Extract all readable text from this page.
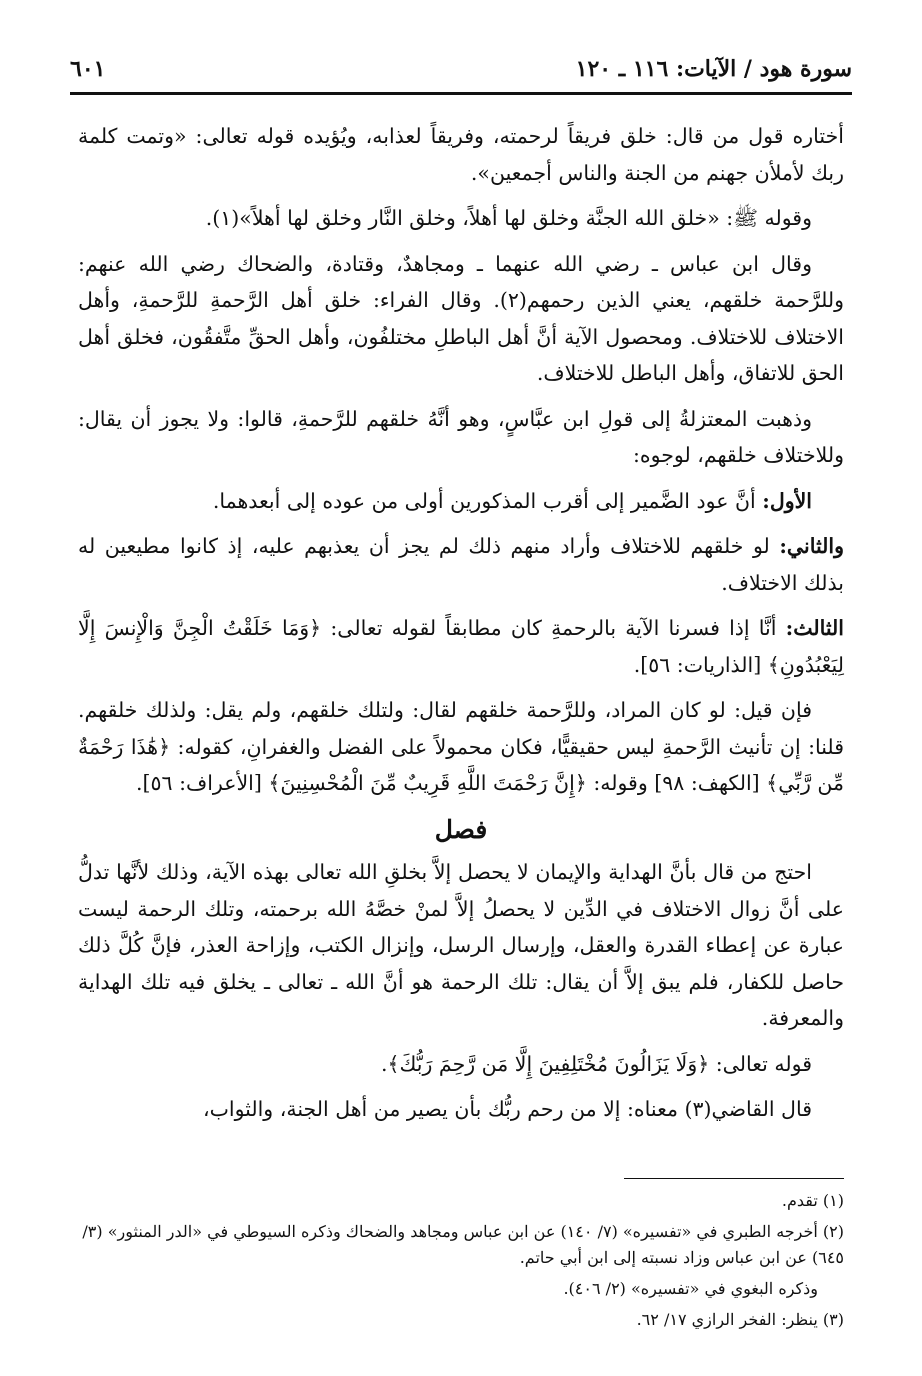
سورة هود / الآيات: ١١٦ ـ ١٢٠
٦٠١

أختاره قول من قال: خلق فريقاً لرحمته، وفريقاً لعذابه، ويُؤيده قوله تعالى: «وتمت كلمة ربك لأملأن جهنم من الجنة والناس أجمعين».

وقوله ﷺ: «خلق الله الجنَّة وخلق لها أهلاً، وخلق النَّار وخلق لها أهلاً»(١).

وقال ابن عباس ـ رضي الله عنهما ـ ومجاهدٌ، وقتادة، والضحاك رضي الله عنهم: وللرَّحمة خلقهم، يعني الذين رحمهم(٢). وقال الفراء: خلق أهل الرَّحمةِ للرَّحمةِ، وأهل الاختلاف للاختلاف. ومحصول الآية أنَّ أهل الباطلِ مختلفُون، وأهل الحقِّ متَّفقُون، فخلق أهل الحق للاتفاق، وأهل الباطل للاختلاف.

وذهبت المعتزلةُ إلى قولِ ابن عبَّاسٍ، وهو أنَّهُ خلقهم للرَّحمةِ، قالوا: ولا يجوز أن يقال: وللاختلاف خلقهم، لوجوه:

الأول: أنَّ عود الضَّمير إلى أقرب المذكورين أولى من عوده إلى أبعدهما.

والثاني: لو خلقهم للاختلاف وأراد منهم ذلك لم يجز أن يعذبهم عليه، إذ كانوا مطيعين له بذلك الاختلاف.

الثالث: أنَّا إذا فسرنا الآية بالرحمةِ كان مطابقاً لقوله تعالى: ﴿وَمَا خَلَقْتُ الْجِنَّ وَالْإِنسَ إِلَّا لِيَعْبُدُونِ﴾ [الذاريات: ٥٦].

فإن قيل: لو كان المراد، وللرَّحمة خلقهم لقال: ولتلك خلقهم، ولم يقل: ولذلك خلقهم. قلنا: إن تأنيث الرَّحمةِ ليس حقيقيًّا، فكان محمولاً على الفضل والغفرانِ، كقوله: ﴿هَٰذَا رَحْمَةٌ مِّن رَّبِّي﴾ [الكهف: ٩٨] وقوله: ﴿إِنَّ رَحْمَتَ اللَّهِ قَرِيبٌ مِّنَ الْمُحْسِنِينَ﴾ [الأعراف: ٥٦].

فصل

احتج من قال بأنَّ الهداية والإيمان لا يحصل إلاَّ بخلقِ الله تعالى بهذه الآية، وذلك لأنَّها تدلُّ على أنَّ زوال الاختلاف في الدِّين لا يحصلُ إلاَّ لمنْ خصَّهُ الله برحمته، وتلك الرحمة ليست عبارة عن إعطاء القدرة والعقل، وإرسال الرسل، وإنزال الكتب، وإزاحة العذر، فإنَّ كُلَّ ذلك حاصل للكفار، فلم يبق إلاَّ أن يقال: تلك الرحمة هو أنَّ الله ـ تعالى ـ يخلق فيه تلك الهداية والمعرفة.

قوله تعالى: ﴿وَلَا يَزَالُونَ مُخْتَلِفِينَ إِلَّا مَن رَّحِمَ رَبُّكَ﴾.

قال القاضي(٣) معناه: إلا من رحم ربُّك بأن يصير من أهل الجنة، والثواب،

(١) تقدم.

(٢) أخرجه الطبري في «تفسيره» (٧/ ١٤٠) عن ابن عباس ومجاهد والضحاك وذكره السيوطي في «الدر المنثور» (٣/ ٦٤٥) عن ابن عباس وزاد نسبته إلى ابن أبي حاتم.

وذكره البغوي في «تفسيره» (٢/ ٤٠٦).

(٣) ينظر: الفخر الرازي ١٧/ ٦٢.
